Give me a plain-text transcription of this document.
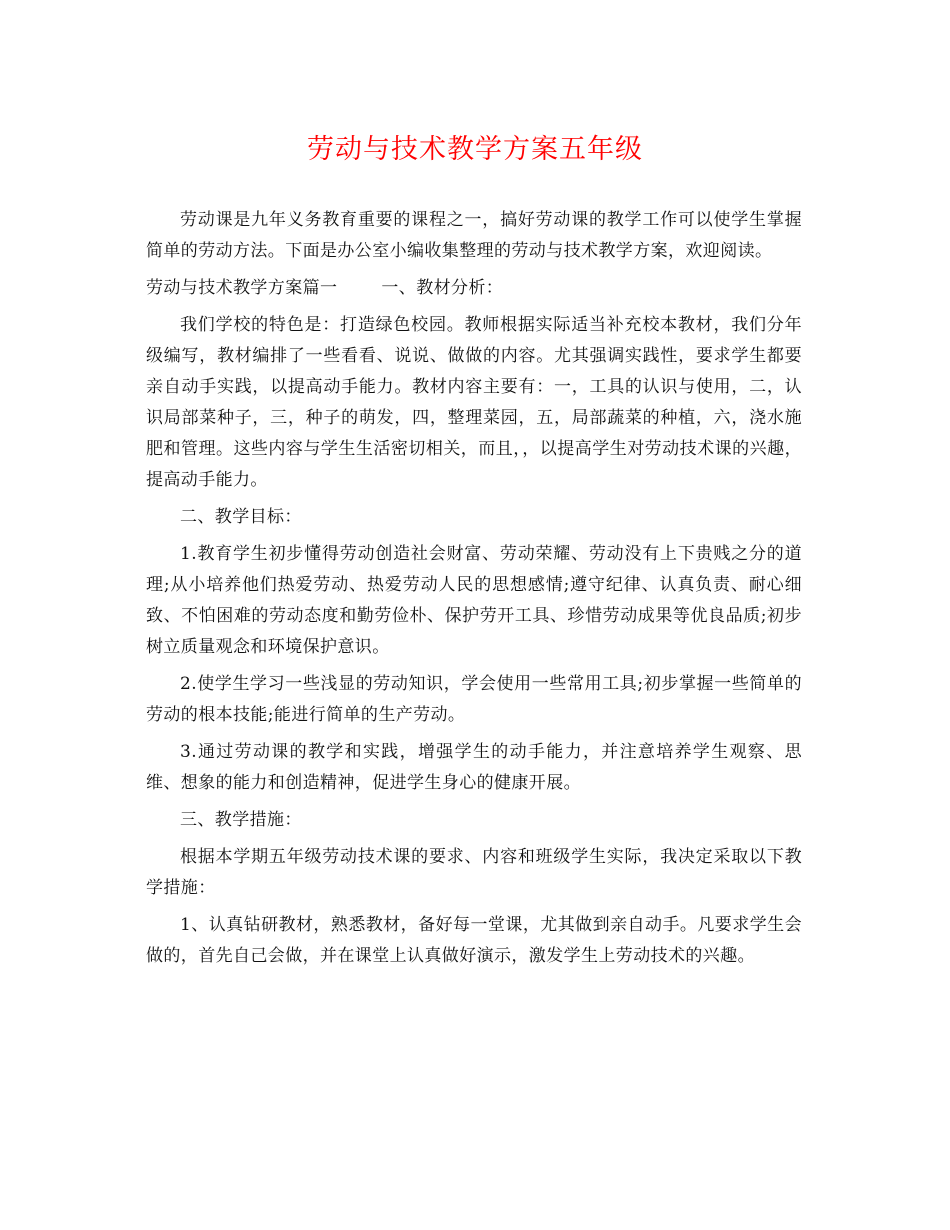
劳动与技术教学方案五年级

劳动课是九年义务教育重要的课程之一，搞好劳动课的教学工作可以使学生掌握简单的劳动方法。下面是办公室小编收集整理的劳动与技术教学方案，欢迎阅读。

劳动与技术教学方案篇一	一、教材分析：

我们学校的特色是：打造绿色校园。教师根据实际适当补充校本教材，我们分年级编写，教材编排了一些看看、说说、做做的内容。尤其强调实践性，要求学生都要亲自动手实践，以提高动手能力。教材内容主要有：一，工具的认识与使用，二，认识局部菜种子，三，种子的萌发，四，整理菜园，五，局部蔬菜的种植，六，浇水施肥和管理。这些内容与学生生活密切相关，而且，，以提高学生对劳动技术课的兴趣，提高动手能力。

二、教学目标：

1.教育学生初步懂得劳动创造社会财富、劳动荣耀、劳动没有上下贵贱之分的道理;从小培养他们热爱劳动、热爱劳动人民的思想感情;遵守纪律、认真负责、耐心细致、不怕困难的劳动态度和勤劳俭朴、保护劳开工具、珍惜劳动成果等优良品质;初步树立质量观念和环境保护意识。

2.使学生学习一些浅显的劳动知识，学会使用一些常用工具;初步掌握一些简单的劳动的根本技能;能进行简单的生产劳动。

3.通过劳动课的教学和实践，增强学生的动手能力，并注意培养学生观察、思维、想象的能力和创造精神，促进学生身心的健康开展。

三、教学措施：

根据本学期五年级劳动技术课的要求、内容和班级学生实际，我决定采取以下教学措施：

1、认真钻研教材，熟悉教材，备好每一堂课，尤其做到亲自动手。凡要求学生会做的，首先自己会做，并在课堂上认真做好演示，激发学生上劳动技术的兴趣。
